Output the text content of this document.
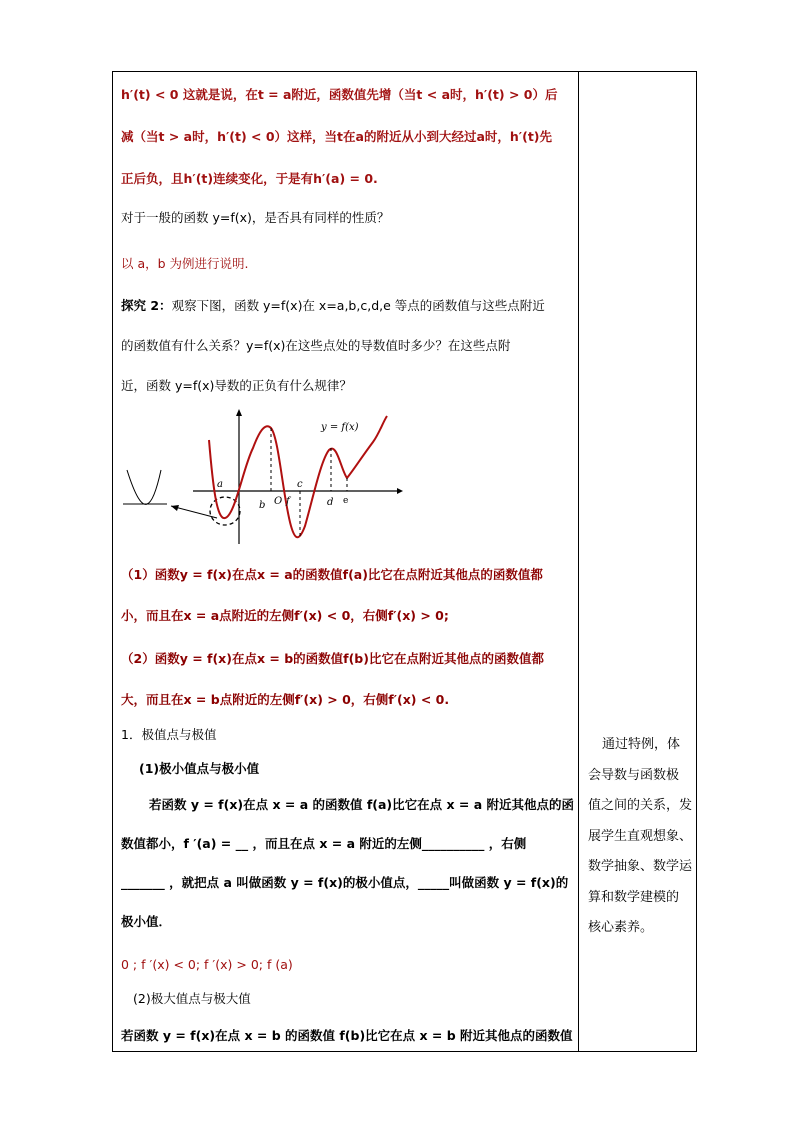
h′(t) < 0 这就是说，在t = a附近，函数值先增（当t < a时，h′(t) > 0）后
减（当t > a时，h′(t) < 0）这样，当t在a的附近从小到大经过a时，h′(t)先
正后负，且h′(t)连续变化，于是有h′(a) = 0.
对于一般的函数 y=f(x)，是否具有同样的性质？
以 a，b 为例进行说明.
探究 2：观察下图，函数 y=f(x)在 x=a,b,c,d,e 等点的函数值与这些点附近
的函数值有什么关系？y=f(x)在这些点处的导数值时多少？在这些点附
近，函数 y=f(x)导数的正负有什么规律？
y = f(x)
a
b O f
c
d e
（1）函数y = f(x)在点x = a的函数值f(a)比它在点附近其他点的函数值都
小，而且在x = a点附近的左侧f′(x) < 0，右侧f′(x) > 0;
（2）函数y = f(x)在点x = b的函数值f(b)比它在点附近其他点的函数值都
大，而且在x = b点附近的左侧f′(x) > 0，右侧f′(x) < 0.
1．极值点与极值
(1)极小值点与极小值
若函数 y = f(x)在点 x = a 的函数值 f(a)比它在点 x = a 附近其他点的函
数值都小，f ′(a) = __ ，而且在点 x = a 附近的左侧__________ ，右侧
_______ ，就把点 a 叫做函数 y = f(x)的极小值点，_____叫做函数 y = f(x)的
极小值．
0 ; f ′(x) < 0; f ′(x) > 0; f (a)
(2)极大值点与极大值
若函数 y = f(x)在点 x = b 的函数值 f(b)比它在点 x = b 附近其他点的函数值
通过特例，体
会导数与函数极
值之间的关系，发
展学生直观想象、
数学抽象、数学运
算和数学建模的
核心素养。
